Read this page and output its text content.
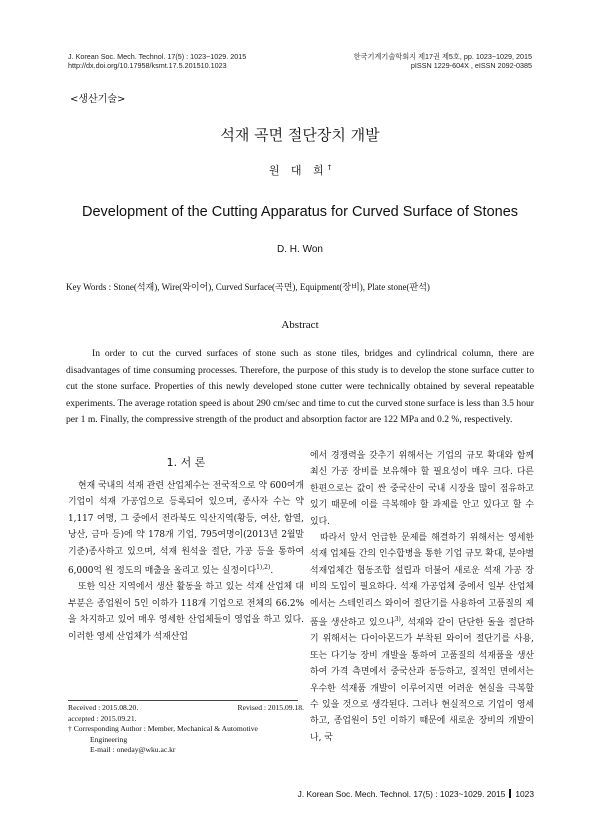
J. Korean Soc. Mech. Technol. 17(5) : 1023~1029. 2015
http://dx.doi.org/10.17958/ksmt.17.5.201510.1023
한국기계기술학회지 제17권 제5호, pp. 1023~1029, 2015
pISSN 1229-604X , eISSN 2092-0385
<생산기술>
석재 곡면 절단장치 개발
원 대 희†
Development of the Cutting Apparatus for Curved Surface of Stones
D. H. Won
Key Words : Stone(석재), Wire(와이어), Curved Surface(곡면), Equipment(장비), Plate stone(판석)
Abstract
In order to cut the curved surfaces of stone such as stone tiles, bridges and cylindrical column, there are disadvantages of time consuming processes. Therefore, the purpose of this study is to develop the stone surface cutter to cut the stone surface. Properties of this newly developed stone cutter were technically obtained by several repeatable experiments. The average rotation speed is about 290 cm/sec and time to cut the curved stone surface is less than 3.5 hour per 1 m. Finally, the compressive strength of the product and absorption factor are 122 MPa and 0.2 %, respectively.
1. 서 론

현재 국내의 석재 관련 산업체수는 전국적으로 약 600여개 기업이 석재 가공업으로 등록되어 있으며, 종사자 수는 약 1,117 여명, 그 중에서 전라북도 익산지역(황등, 여산, 함열, 낭산, 금마 등)에 약 178개 기업, 795여명이(2013년 2월말 기준)종사하고 있으며, 석재 원석을 절단, 가공 등을 통하여 6,000억 원 정도의 매출을 올리고 있는 실정이다$^{1),2)}$.

또한 익산 지역에서 생산 활동을 하고 있는 석재 산업체 대부분은 종업원이 5인 이하가 118개 기업으로 전체의 66.2%을 차지하고 있어 매우 영세한 산업체들이 영업을 하고 있다. 이러한 영세 산업체가 석재산업

에서 경쟁력을 갖추기 위해서는 기업의 규모 확대와 함께 최신 가공 장비를 보유해야 할 필요성이 매우 크다. 다른 한편으로는 값이 싼 중국산이 국내 시장을 많이 점유하고 있기 때문에 이를 극복해야 할 과제를 안고 있다고 할 수 있다.

따라서 앞서 언급한 문제를 해결하기 위해서는 영세한 석재 업체들 간의 인수합병을 통한 기업 규모 확대, 분야별 석재업체간 협동조합 설립과 더불어 새로운 석재 가공 장비의 도입이 필요하다. 석재 가공업체 중에서 일부 산업체에서는 스테인리스 와이어 절단기를 사용하여 고품질의 제품을 생산하고 있으나$^{3)}$, 석재와 같이 단단한 돌을 절단하기 위해서는 다이아몬드가 부착된 와이어 절단기를 사용, 또는 다기능 장비 개발을 통하여 고품질의 석재품을 생산하여 가격 측면에서 중국산과 동등하고, 질적인 면에서는 우수한 석재품 개발이 이루어지면 어려운 현실을 극복할 수 있을 것으로 생각된다. 그러나 현실적으로 기업이 영세하고, 종업원이 5인 이하기 때문에 새로운 장비의 개발이나, 국

Received : 2015.08.20.	Revised : 2015.09.18.
accepted : 2015.09.21.
† Corresponding Author : Member, Mechanical & Automotive
Engineering
E-mail : oneday@wku.ac.kr
J. Korean Soc. Mech. Technol. 17(5) : 1023~1029. 2015 1023
